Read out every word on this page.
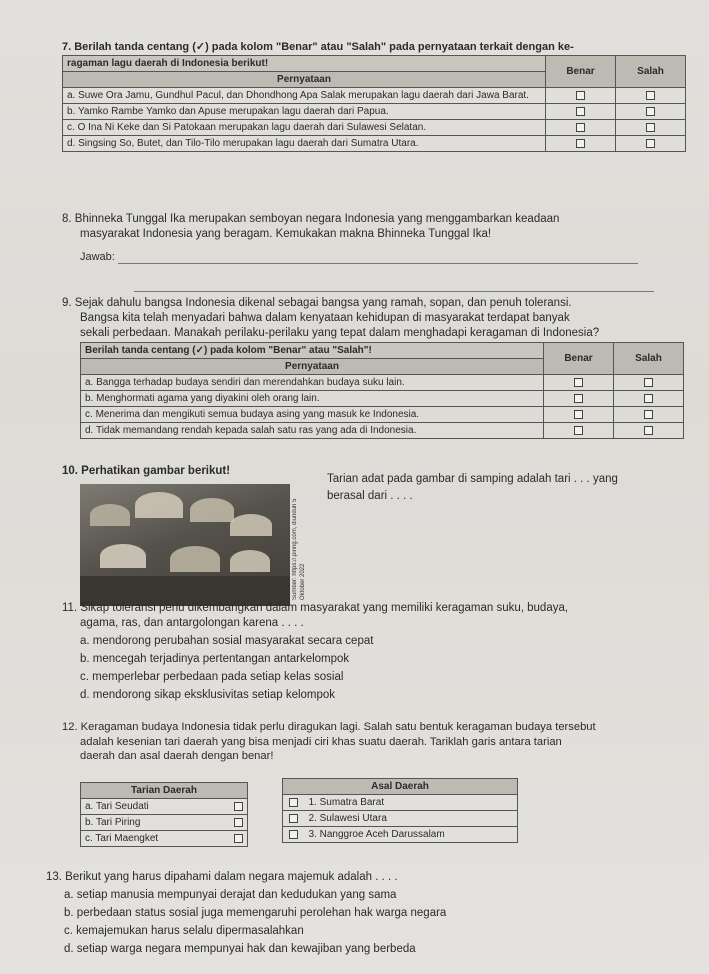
7. Berilah tanda centang (✓) pada kolom "Benar" atau "Salah" pada pernyataan terkait dengan ke-
ragaman lagu daerah di Indonesia berikut!	Benar	Salah
Pernyataan		
a. Suwe Ora Jamu, Gundhul Pacul, dan Dhondhong Apa Salak merupakan lagu daerah dari Jawa Barat.		
b. Yamko Rambe Yamko dan Apuse merupakan lagu daerah dari Papua.		
c. O Ina Ni Keke dan Si Patokaan merupakan lagu daerah dari Sulawesi Selatan.		
d. Singsing So, Butet, dan Tilo-Tilo merupakan lagu daerah dari Sumatra Utara.		
8. Bhinneka Tunggal Ika merupakan semboyan negara Indonesia yang menggambarkan keadaan
masyarakat Indonesia yang beragam. Kemukakan makna Bhinneka Tunggal Ika!
Jawab:
9. Sejak dahulu bangsa Indonesia dikenal sebagai bangsa yang ramah, sopan, dan penuh toleransi.
Bangsa kita telah menyadari bahwa dalam kenyataan kehidupan di masyarakat terdapat banyak
sekali perbedaan. Manakah perilaku-perilaku yang tepat dalam menghadapi keragaman di Indonesia?
Berilah tanda centang (✓) pada kolom "Benar" atau "Salah"!	Benar	Salah
Pernyataan		
a. Bangga terhadap budaya sendiri dan merendahkan budaya suku lain.		
b. Menghormati agama yang diyakini oleh orang lain.		
c. Menerima dan mengikuti semua budaya asing yang masuk ke Indonesia.		
d. Tidak memandang rendah kepada salah satu ras yang ada di Indonesia.		
10. Perhatikan gambar berikut!
Sumber: https://.piring.com, diunduh 5 Oktober 2022
Tarian adat pada gambar di samping adalah tari . . . yang
berasal dari . . . .
11. Sikap toleransi perlu dikembangkan dalam masyarakat yang memiliki keragaman suku, budaya,
agama, ras, dan antargolongan karena . . . .
a. mendorong perubahan sosial masyarakat secara cepat
b. mencegah terjadinya pertentangan antarkelompok
c. memperlebar perbedaan pada setiap kelas sosial
d. mendorong sikap eksklusivitas setiap kelompok
12. Keragaman budaya Indonesia tidak perlu diragukan lagi. Salah satu bentuk keragaman budaya tersebut
adalah kesenian tari daerah yang bisa menjadi ciri khas suatu daerah. Tariklah garis antara tarian
daerah dan asal daerah dengan benar!
Tarian Daerah	
a. Tari Seudati	
b. Tari Piring	
c. Tari Maengket	
Asal Daerah	
	1. Sumatra Barat
	2. Sulawesi Utara
	3. Nanggroe Aceh Darussalam
13. Berikut yang harus dipahami dalam negara majemuk adalah . . . .
a. setiap manusia mempunyai derajat dan kedudukan yang sama
b. perbedaan status sosial juga memengaruhi perolehan hak warga negara
c. kemajemukan harus selalu dipermasalahkan
d. setiap warga negara mempunyai hak dan kewajiban yang berbeda
